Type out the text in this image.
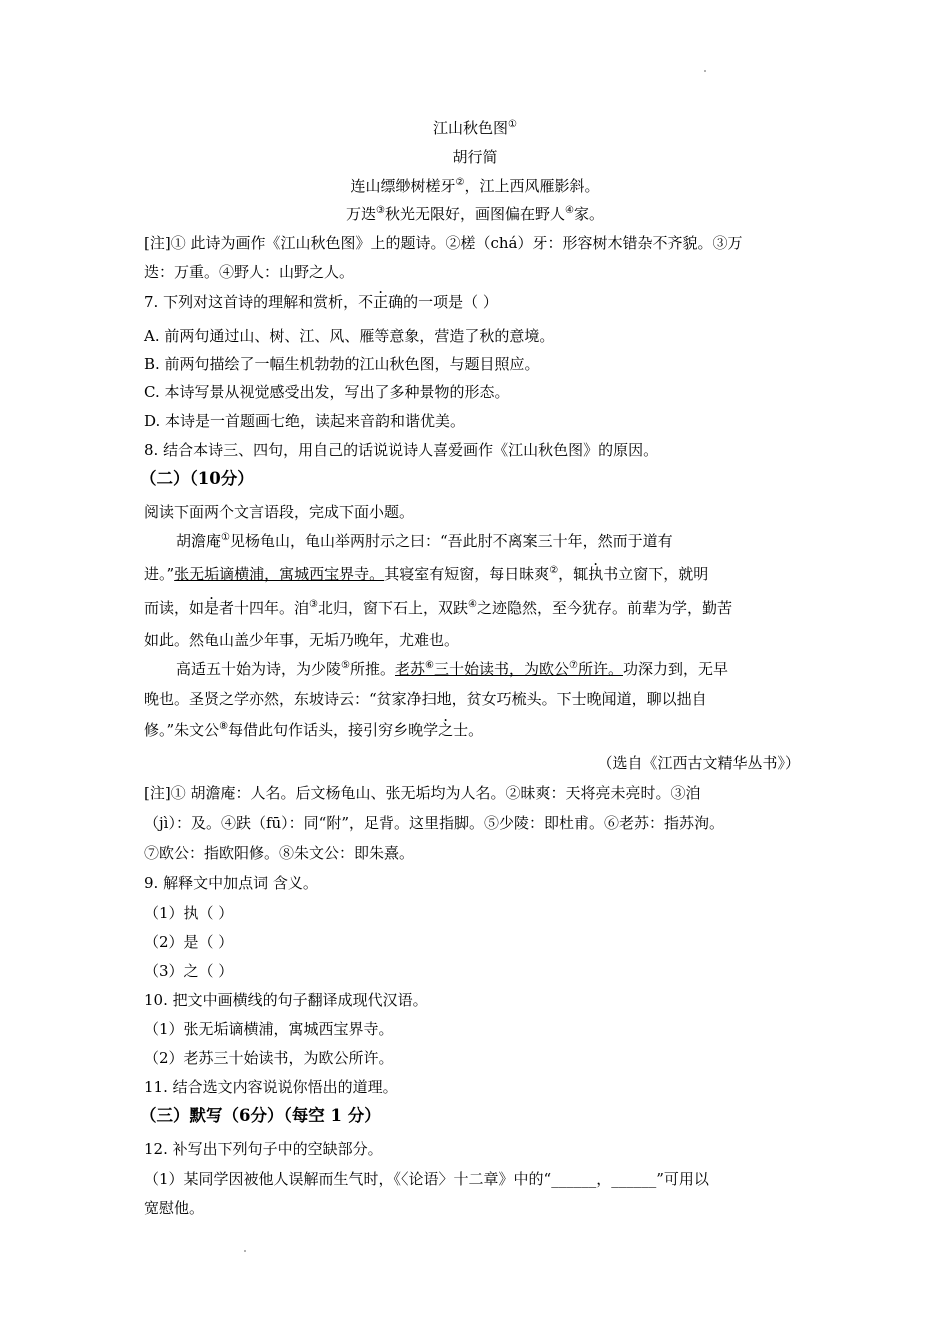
江山秋色图①
胡行简
连山缥缈树槎牙②，江上西风雁影斜。
万迭③秋光无限好，画图偏在野人④家。
[注]① 此诗为画作《江山秋色图》上的题诗。②槎（chá）牙：形容树木错杂不齐貌。③万
迭：万重。④野人：山野之人。
7. 下列对这首诗的理解和赏析，不正确的一项是（ ）
A. 前两句通过山、树、江、风、雁等意象，营造了秋的意境。
B. 前两句描绘了一幅生机勃勃的江山秋色图，与题目照应。
C. 本诗写景从视觉感受出发，写出了多种景物的形态。
D. 本诗是一首题画七绝，读起来音韵和谐优美。
8. 结合本诗三、四句，用自己的话说说诗人喜爱画作《江山秋色图》的原因。
（二）（10分）
阅读下面两个文言语段，完成下面小题。
胡澹庵①见杨龟山，龟山举两肘示之曰：“吾此肘不离案三十年，然而于道有
进。”张无垢谪横浦，寓城西宝界寺。其寝室有短窗，每日昧爽②，辄执书立窗下，就明
而读，如是者十四年。洎③北归，窗下石上，双趺④之迹隐然，至今犹存。前辈为学，勤苦
如此。然龟山盖少年事，无垢乃晚年，尤难也。
高适五十始为诗，为少陵⑤所推。老苏⑥三十始读书，为欧公⑦所许。功深力到，无早
晚也。圣贤之学亦然，东坡诗云：“贫家净扫地，贫女巧梳头。下士晚闻道，聊以拙自
修。”朱文公⑧每借此句作话头，接引穷乡晚学之士。
（选自《江西古文精华丛书》）
[注]① 胡澹庵：人名。后文杨龟山、张无垢均为人名。②昧爽：天将亮未亮时。③洎
（jì）：及。④趺（fū）：同“附”，足背。这里指脚。⑤少陵：即杜甫。⑥老苏：指苏洵。
⑦欧公：指欧阳修。⑧朱文公：即朱熹。
9. 解释文中加点词 含义。
（1）执（ ）
（2）是（ ）
（3）之（ ）
10. 把文中画横线的句子翻译成现代汉语。
（1）张无垢谪横浦，寓城西宝界寺。
（2）老苏三十始读书，为欧公所许。
11. 结合选文内容说说你悟出的道理。
（三）默写（6分）（每空 1 分）
12. 补写出下列句子中的空缺部分。
（1）某同学因被他人误解而生气时，《〈论语〉十二章》中的“______，______”可用以
宽慰他。
